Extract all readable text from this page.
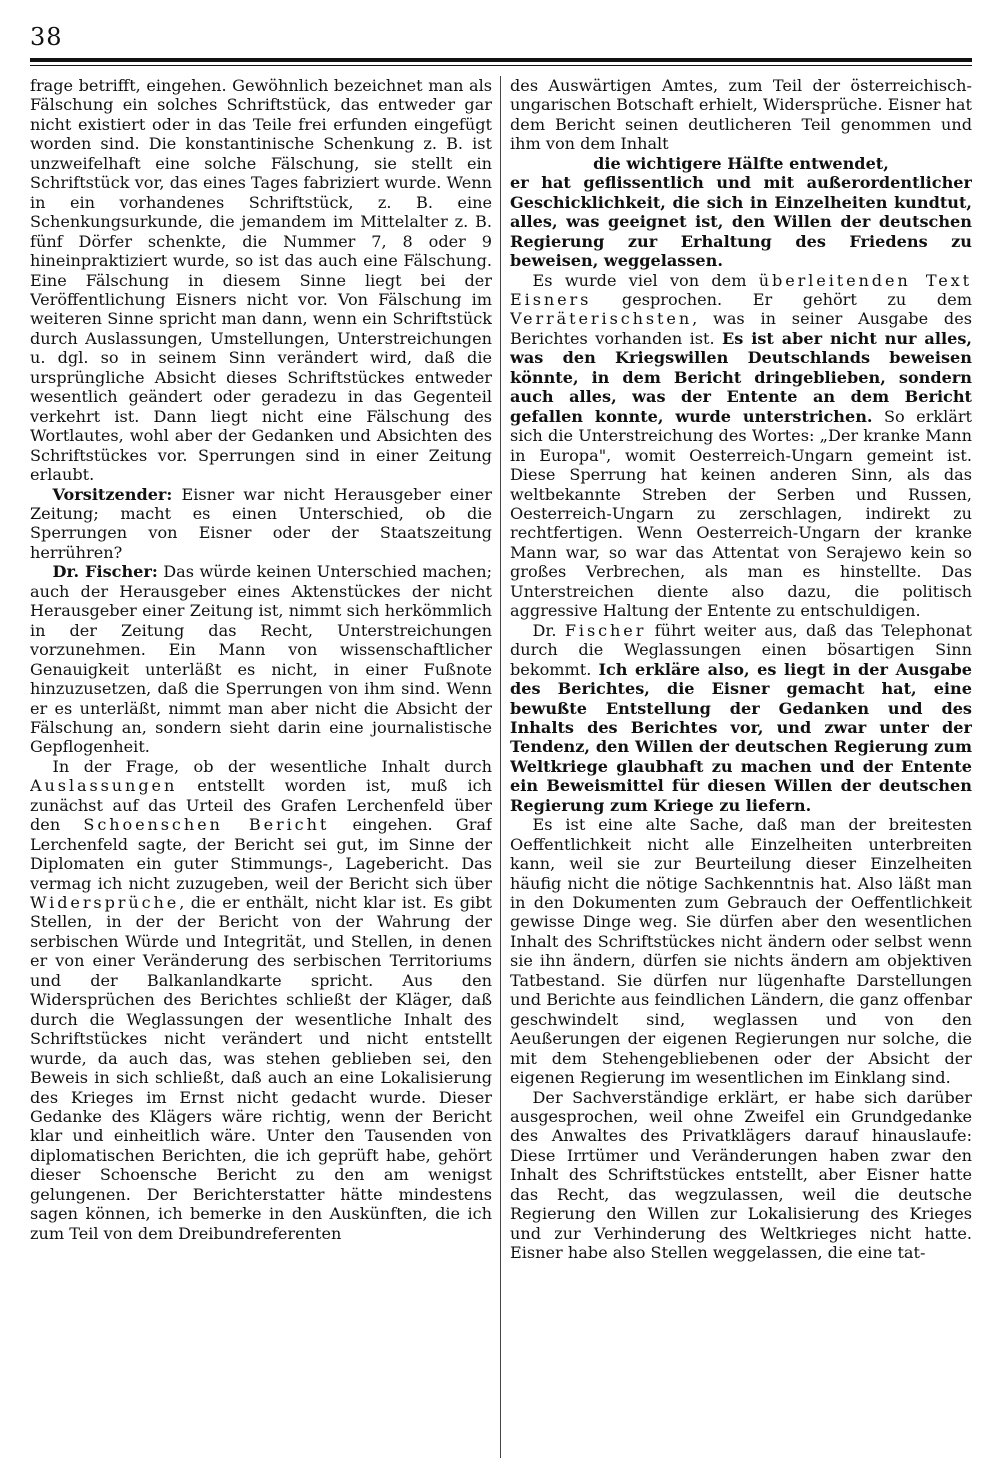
38

frage betrifft, eingehen. Gewöhnlich bezeichnet man als Fälschung ein solches Schriftstück, das entweder gar nicht existiert oder in das Teile frei erfunden eingefügt worden sind. Die konstantinische Schenkung z. B. ist unzweifelhaft eine solche Fälschung, sie stellt ein Schriftstück vor, das eines Tages fabriziert wurde. Wenn in ein vorhandenes Schriftstück, z. B. eine Schenkungsurkunde, die jemandem im Mittelalter z. B. fünf Dörfer schenkte, die Nummer 7, 8 oder 9 hineinpraktiziert wurde, so ist das auch eine Fälschung. Eine Fälschung in diesem Sinne liegt bei der Veröffentlichung Eisners nicht vor. Von Fälschung im weiteren Sinne spricht man dann, wenn ein Schriftstück durch Auslassungen, Umstellungen, Unterstreichungen u. dgl. so in seinem Sinn verändert wird, daß die ursprüngliche Absicht dieses Schriftstückes entweder wesentlich geändert oder geradezu in das Gegenteil verkehrt ist. Dann liegt nicht eine Fälschung des Wortlautes, wohl aber der Gedanken und Absichten des Schriftstückes vor. Sperrungen sind in einer Zeitung erlaubt.

Vorsitzender: Eisner war nicht Herausgeber einer Zeitung; macht es einen Unterschied, ob die Sperrungen von Eisner oder der Staatszeitung herrühren?

Dr. Fischer: Das würde keinen Unterschied machen; auch der Herausgeber eines Aktenstückes der nicht Herausgeber einer Zeitung ist, nimmt sich herkömmlich in der Zeitung das Recht, Unterstreichungen vorzunehmen. Ein Mann von wissenschaftlicher Genauigkeit unterläßt es nicht, in einer Fußnote hinzuzusetzen, daß die Sperrungen von ihm sind. Wenn er es unterläßt, nimmt man aber nicht die Absicht der Fälschung an, sondern sieht darin eine journalistische Gepflogenheit.

In der Frage, ob der wesentliche Inhalt durch Auslassungen entstellt worden ist, muß ich zunächst auf das Urteil des Grafen Lerchenfeld über den Schoenschen Bericht eingehen. Graf Lerchenfeld sagte, der Bericht sei gut, im Sinne der Diplomaten ein guter Stimmungs-, Lagebericht. Das vermag ich nicht zuzugeben, weil der Bericht sich über Widersprüche, die er enthält, nicht klar ist. Es gibt Stellen, in der der Bericht von der Wahrung der serbischen Würde und Integrität, und Stellen, in denen er von einer Veränderung des serbischen Territoriums und der Balkanlandkarte spricht. Aus den Widersprüchen des Berichtes schließt der Kläger, daß durch die Weglassungen der wesentliche Inhalt des Schriftstückes nicht verändert und nicht entstellt wurde, da auch das, was stehen geblieben sei, den Beweis in sich schließt, daß auch an eine Lokalisierung des Krieges im Ernst nicht gedacht wurde. Dieser Gedanke des Klägers wäre richtig, wenn der Bericht klar und einheitlich wäre. Unter den Tausenden von diplomatischen Berichten, die ich geprüft habe, gehört dieser Schoensche Bericht zu den am wenigst gelungenen. Der Berichterstatter hätte mindestens sagen können, ich bemerke in den Auskünften, die ich zum Teil von dem Dreibundreferenten

des Auswärtigen Amtes, zum Teil der österreichisch-ungarischen Botschaft erhielt, Widersprüche. Eisner hat dem Bericht seinen deutlicheren Teil genommen und ihm von dem Inhalt

die wichtigere Hälfte entwendet,

er hat geflissentlich und mit außerordentlicher Geschicklichkeit, die sich in Einzelheiten kundtut, alles, was geeignet ist, den Willen der deutschen Regierung zur Erhaltung des Friedens zu beweisen, weggelassen.

Es wurde viel von dem überleitenden Text Eisners gesprochen. Er gehört zu dem Verräterischsten, was in seiner Ausgabe des Berichtes vorhanden ist. Es ist aber nicht nur alles, was den Kriegswillen Deutschlands beweisen könnte, in dem Bericht dringeblieben, sondern auch alles, was der Entente an dem Bericht gefallen konnte, wurde unterstrichen. So erklärt sich die Unterstreichung des Wortes: „Der kranke Mann in Europa", womit Oesterreich-Ungarn gemeint ist. Diese Sperrung hat keinen anderen Sinn, als das weltbekannte Streben der Serben und Russen, Oesterreich-Ungarn zu zerschlagen, indirekt zu rechtfertigen. Wenn Oesterreich-Ungarn der kranke Mann war, so war das Attentat von Serajewo kein so großes Verbrechen, als man es hinstellte. Das Unterstreichen diente also dazu, die politisch aggressive Haltung der Entente zu entschuldigen.

Dr. Fischer führt weiter aus, daß das Telephonat durch die Weglassungen einen bösartigen Sinn bekommt. Ich erkläre also, es liegt in der Ausgabe des Berichtes, die Eisner gemacht hat, eine bewußte Entstellung der Gedanken und des Inhalts des Berichtes vor, und zwar unter der Tendenz, den Willen der deutschen Regierung zum Weltkriege glaubhaft zu machen und der Entente ein Beweismittel für diesen Willen der deutschen Regierung zum Kriege zu liefern.

Es ist eine alte Sache, daß man der breitesten Oeffentlichkeit nicht alle Einzelheiten unterbreiten kann, weil sie zur Beurteilung dieser Einzelheiten häufig nicht die nötige Sachkenntnis hat. Also läßt man in den Dokumenten zum Gebrauch der Oeffentlichkeit gewisse Dinge weg. Sie dürfen aber den wesentlichen Inhalt des Schriftstückes nicht ändern oder selbst wenn sie ihn ändern, dürfen sie nichts ändern am objektiven Tatbestand. Sie dürfen nur lügenhafte Darstellungen und Berichte aus feindlichen Ländern, die ganz offenbar geschwindelt sind, weglassen und von den Aeußerungen der eigenen Regierungen nur solche, die mit dem Stehengebliebenen oder der Absicht der eigenen Regierung im wesentlichen im Einklang sind.

Der Sachverständige erklärt, er habe sich darüber ausgesprochen, weil ohne Zweifel ein Grundgedanke des Anwaltes des Privatklägers darauf hinauslaufe: Diese Irrtümer und Veränderungen haben zwar den Inhalt des Schriftstückes entstellt, aber Eisner hatte das Recht, das wegzulassen, weil die deutsche Regierung den Willen zur Lokalisierung des Krieges und zur Verhinderung des Weltkrieges nicht hatte. Eisner habe also Stellen weggelassen, die eine tat-
